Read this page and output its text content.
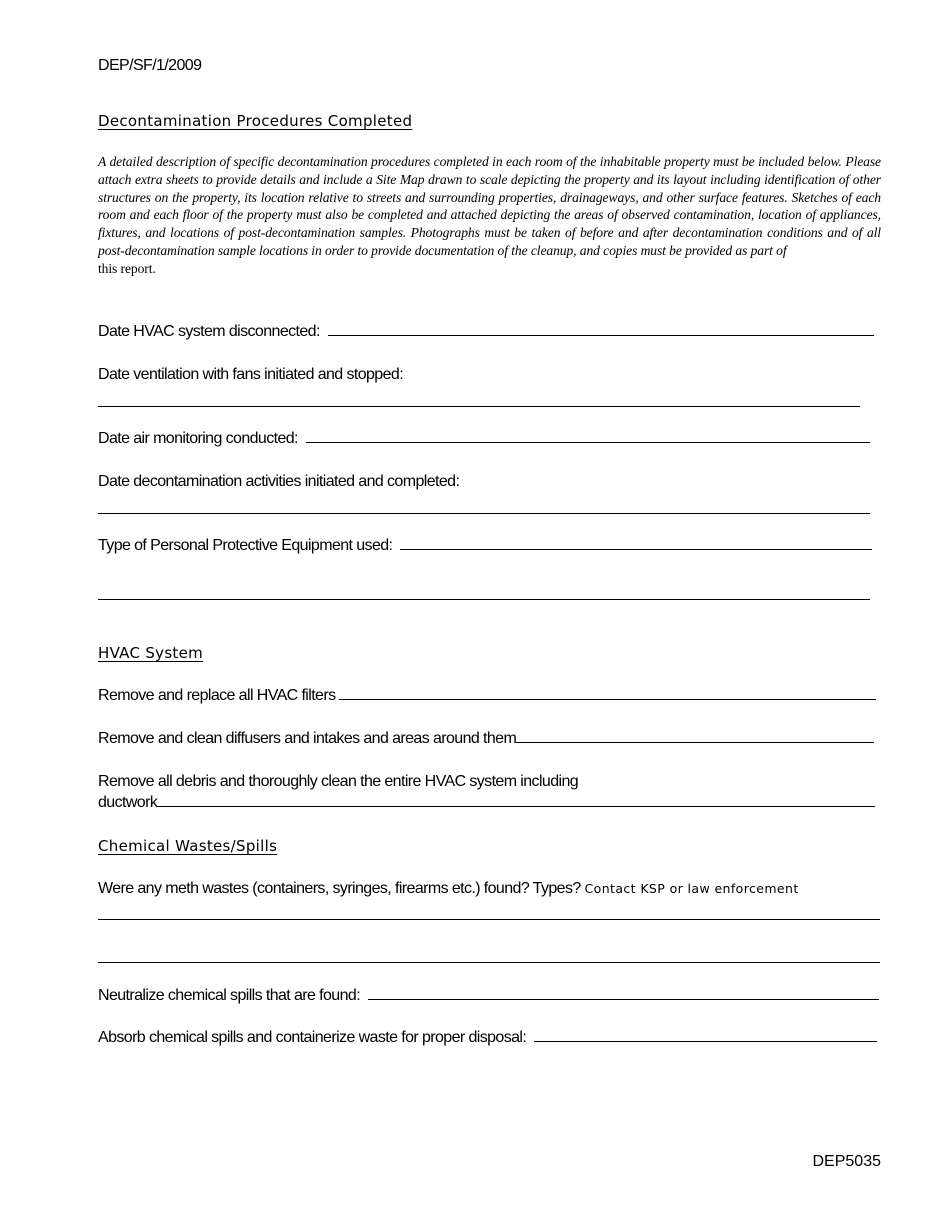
DEP/SF/1/2009
Decontamination Procedures Completed
A detailed description of specific decontamination procedures completed in each room of the inhabitable property must be included below. Please attach extra sheets to provide details and include a Site Map drawn to scale depicting the property and its layout including identification of other structures on the property, its location relative to streets and surrounding properties, drainageways, and other surface features. Sketches of each room and each floor of the property must also be completed and attached depicting the areas of observed contamination, location of appliances, fixtures, and locations of post-decontamination samples. Photographs must be taken of before and after decontamination conditions and of all post-decontamination sample locations in order to provide documentation of the cleanup, and copies must be provided as part of
this report.
Date HVAC system disconnected:
Date ventilation with fans initiated and stopped:
Date air monitoring conducted:
Date decontamination activities initiated and completed:
Type of Personal Protective Equipment used:
HVAC System
Remove and replace all HVAC filters
Remove and clean diffusers and intakes and areas around them
Remove all debris and thoroughly clean the entire HVAC system including
ductwork
Chemical Wastes/Spills
Were any meth wastes (containers, syringes, firearms etc.) found? Types? Contact KSP or law enforcement
Neutralize chemical spills that are found:
Absorb chemical spills and containerize waste for proper disposal:
DEP5035
